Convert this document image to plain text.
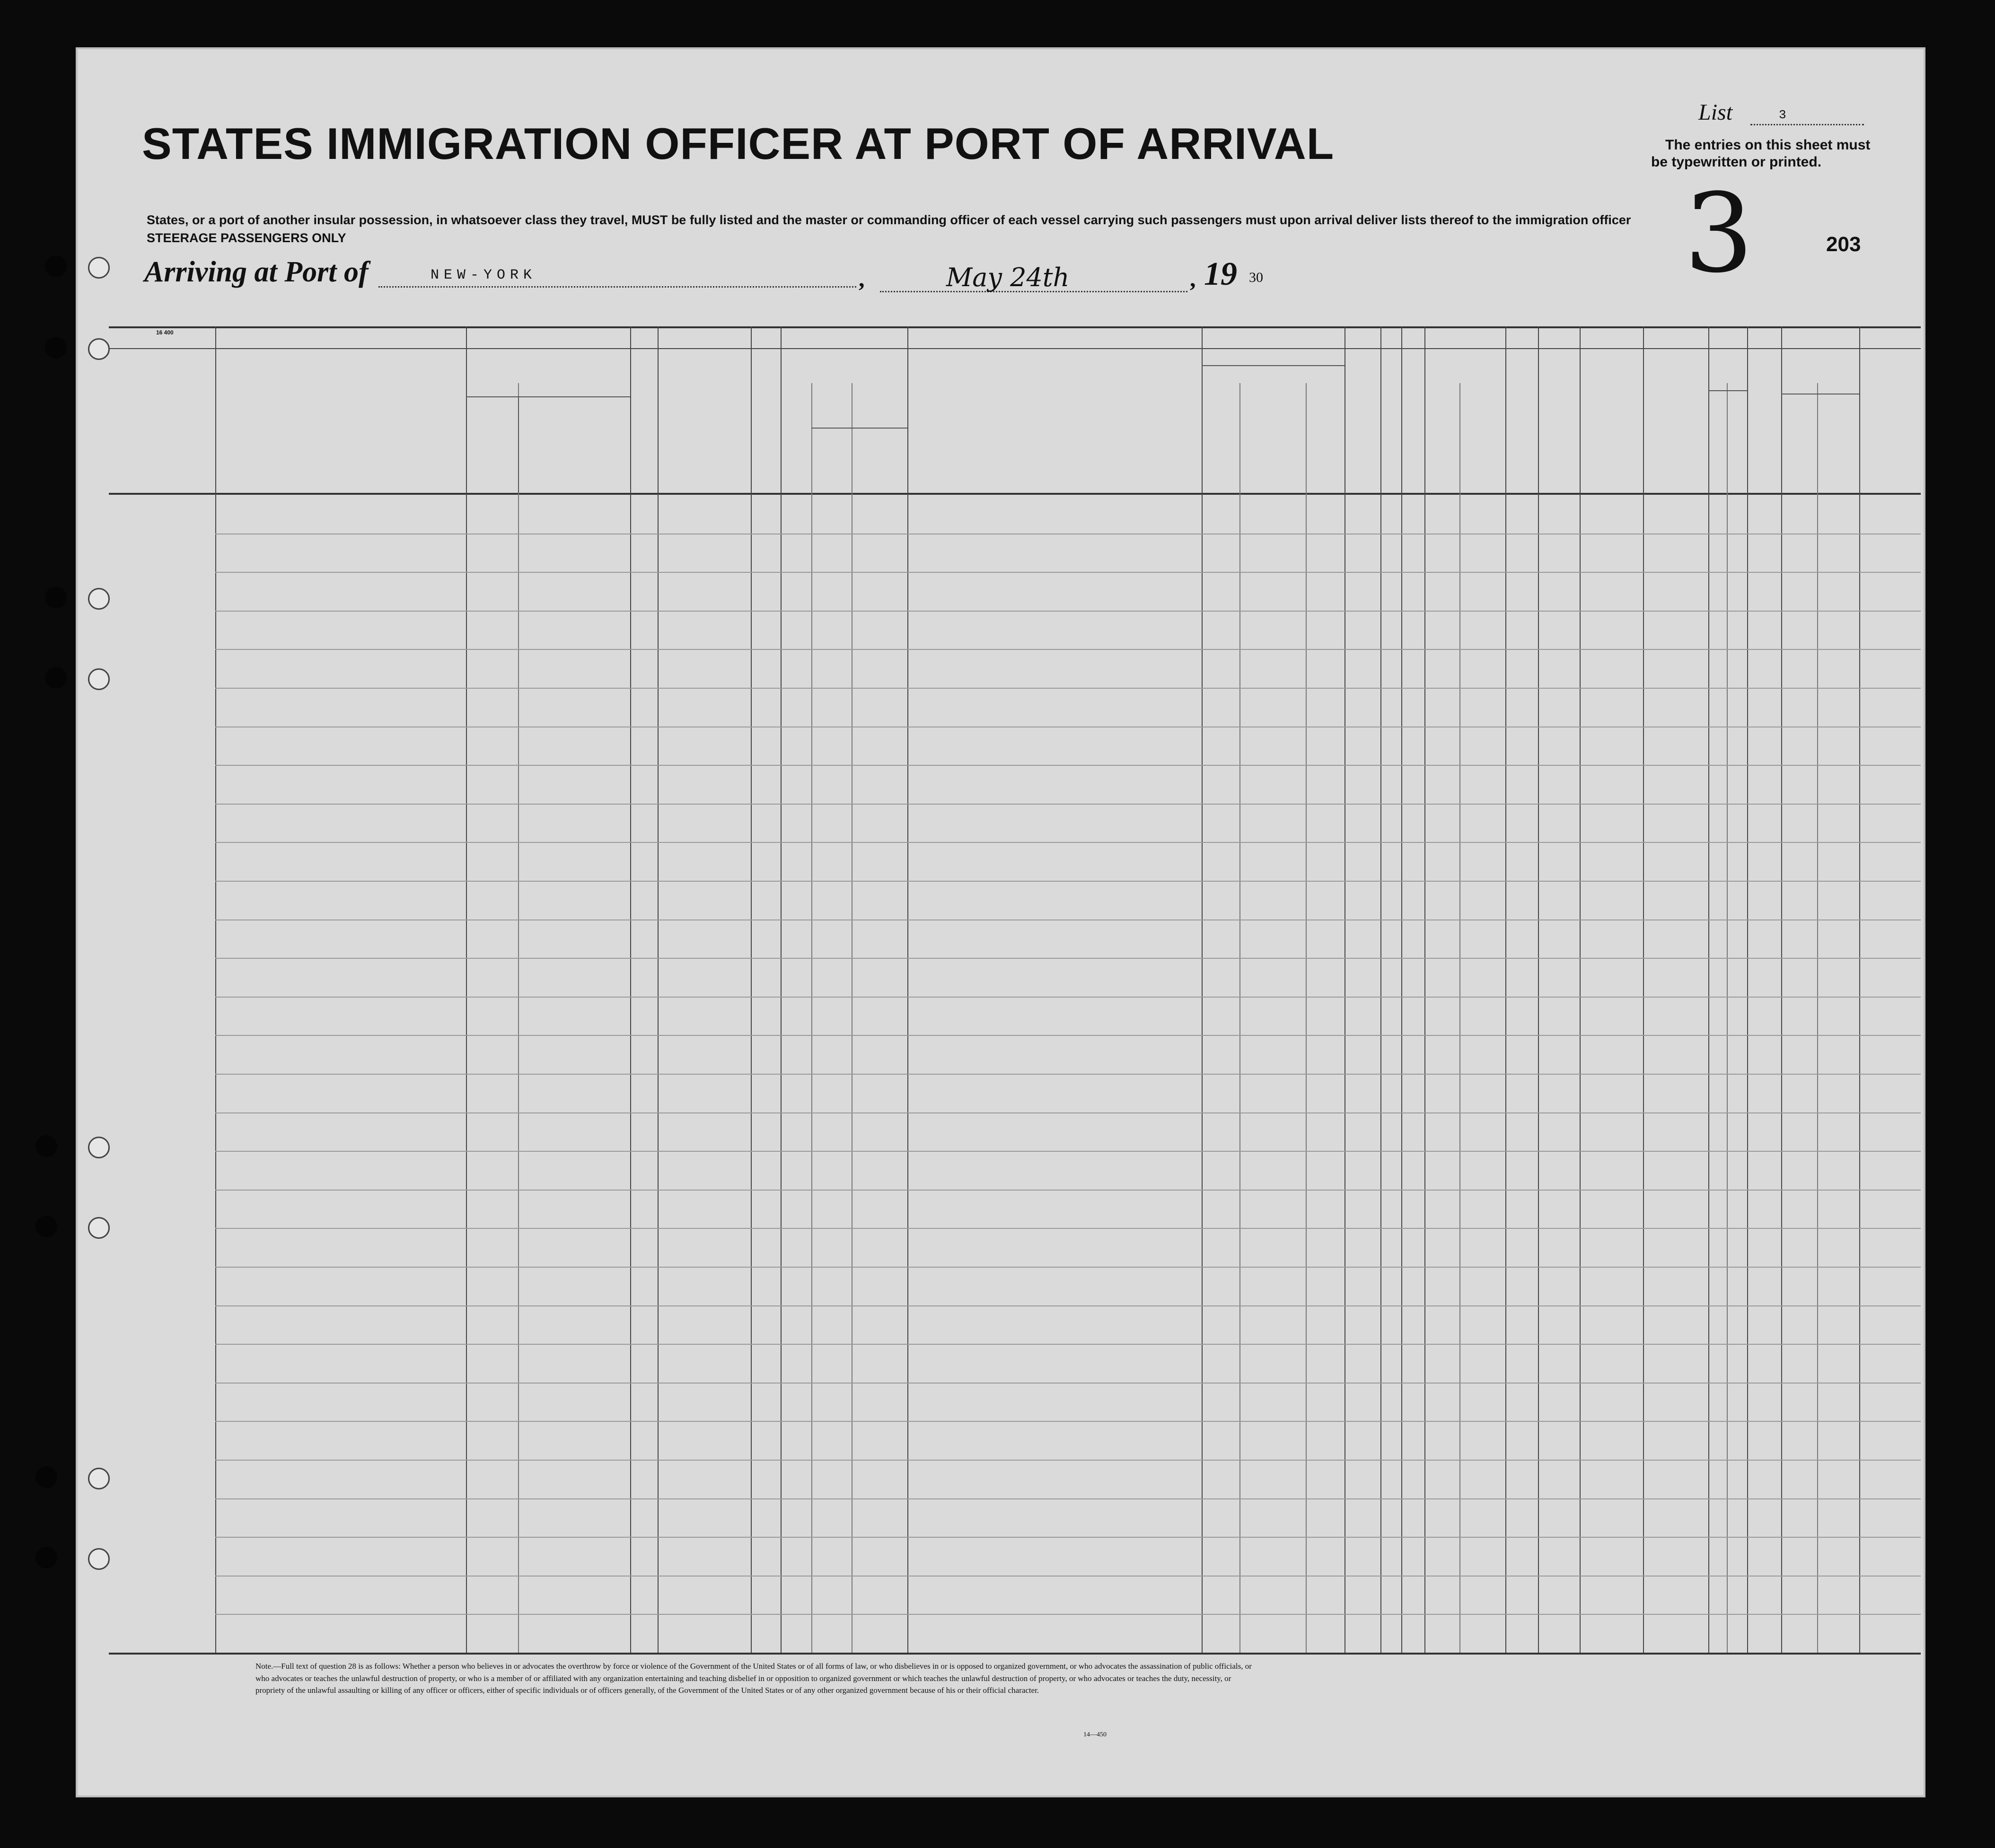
STATES IMMIGRATION OFFICER AT PORT OF ARRIVAL
States, or a port of another insular possession, in whatsoever class they travel, MUST be fully listed and the master or commanding officer of each vessel carrying such passengers must upon arrival deliver lists thereof to the immigration officer
STEERAGE PASSENGERS ONLY
List	3
The entries on this sheet must
be typewritten or printed.
3	203
Arriving at Port of	NEW-YORK	,	May 24th	, 19 30
16 400
Note.—Full text of question 28 is as follows: Whether a person who believes in or advocates the overthrow by force or violence of the Government of the United States or of all forms of law, or who disbelieves in or is opposed to organized government, or who advocates the assassination of public officials, or who advocates or teaches the unlawful destruction of property, or who is a member of or affiliated with any organization entertaining and teaching disbelief in or opposition to organized government or which teaches the unlawful destruction of property, or who advocates or teaches the duty, necessity, or propriety of the unlawful assaulting or killing of any officer or officers, either of specific individuals or of officers generally, of the Government of the United States or of any other organized government because of his or their official character.
14—450
